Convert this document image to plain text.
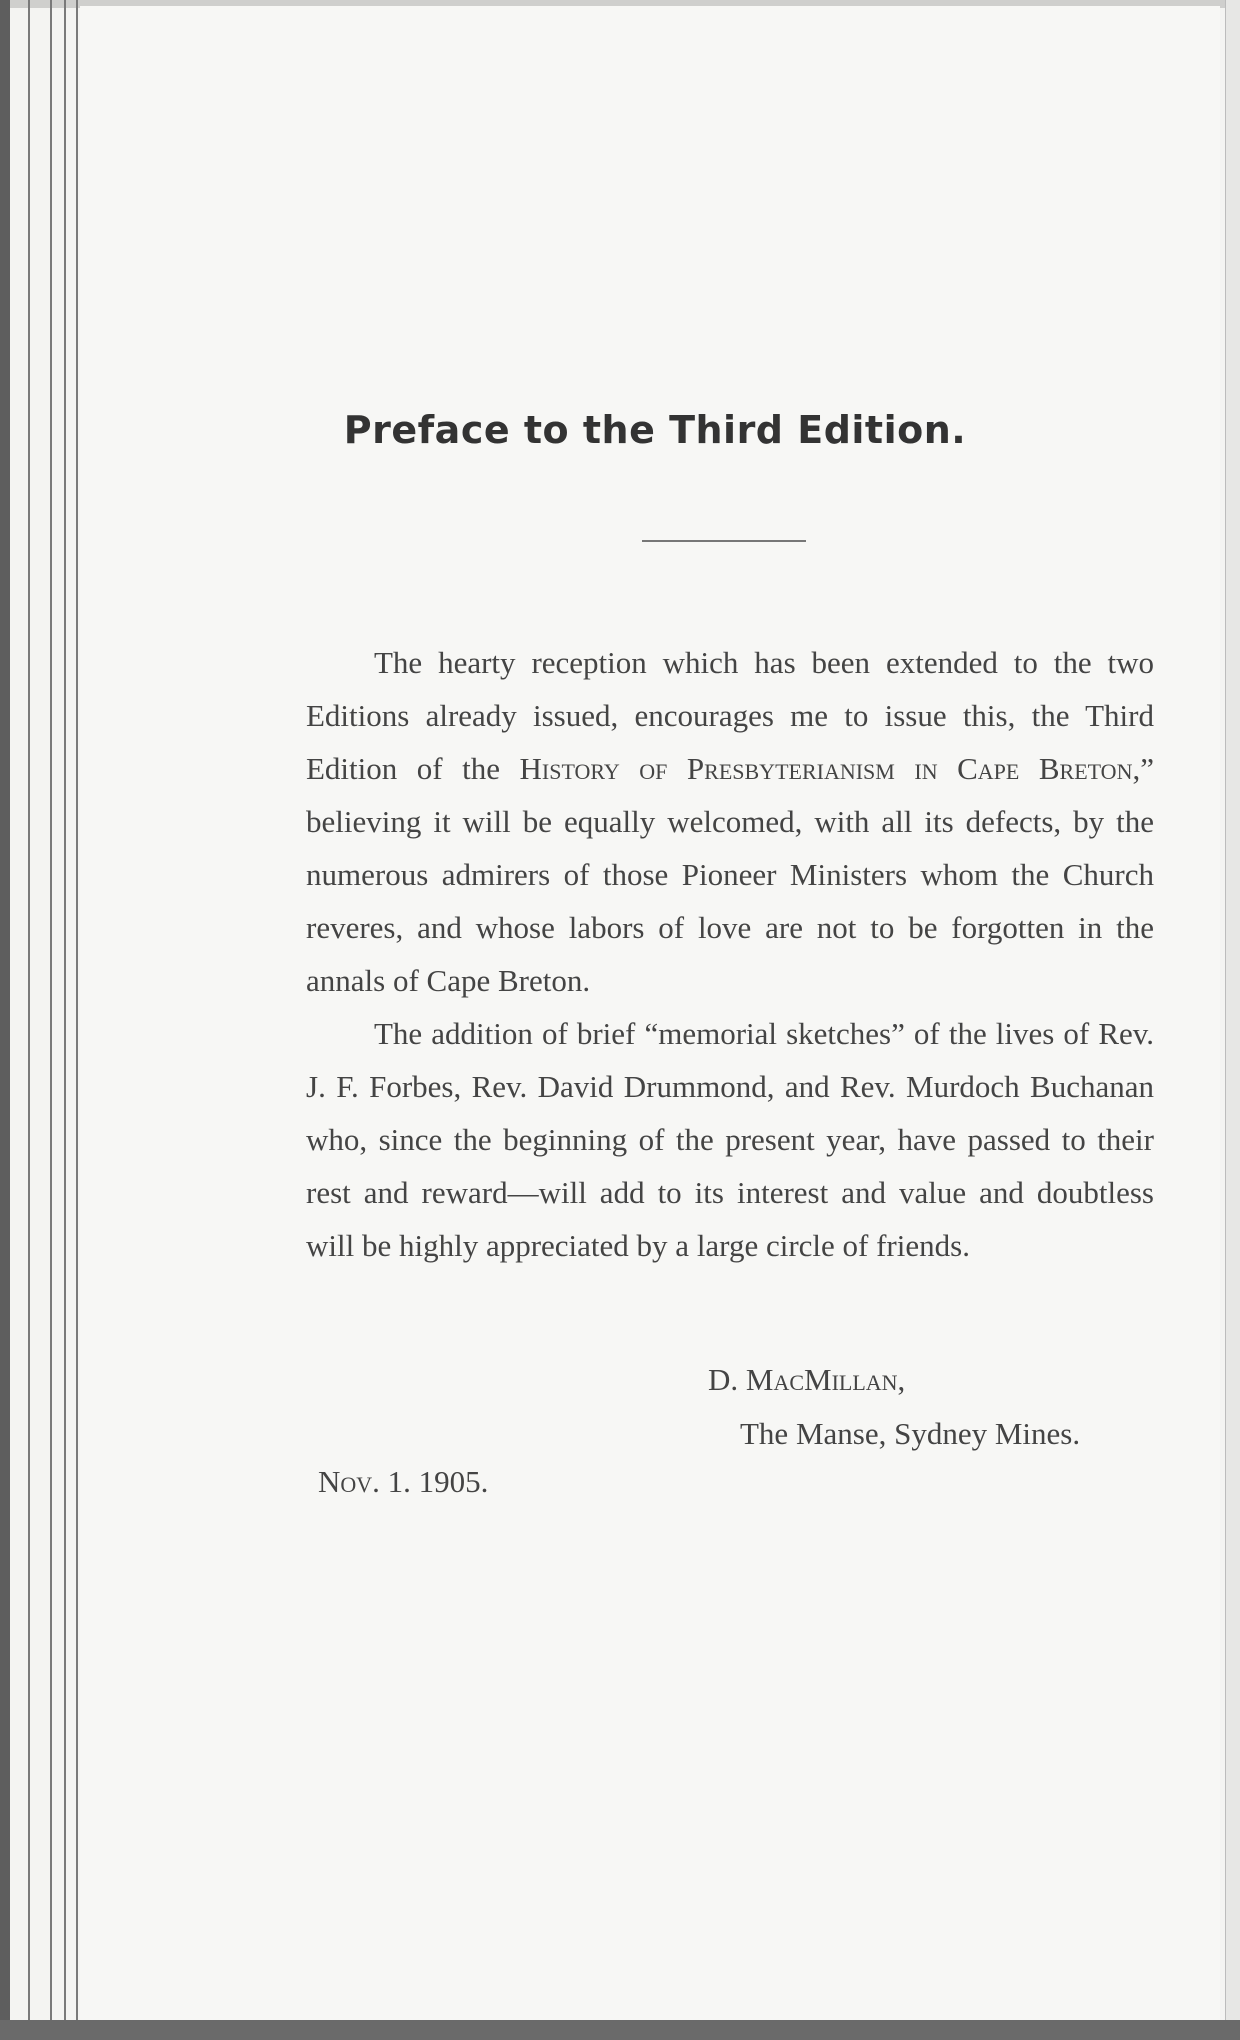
Preface to the Third Edition.

The hearty reception which has been extended to the two Editions already issued, encourages me to issue this, the Third Edition of the History of Presbyterianism in Cape Breton,” believing it will be equally welcomed, with all its defects, by the numerous admirers of those Pioneer Ministers whom the Church reveres, and whose labors of love are not to be forgotten in the annals of Cape Breton.

The addition of brief “memorial sketches” of the lives of Rev. J. F. Forbes, Rev. David Drummond, and Rev. Murdoch Buchanan who, since the beginning of the present year, have passed to their rest and reward—will add to its interest and value and doubtless will be highly appreciated by a large circle of friends.

D. MacMillan,
The Manse, Sydney Mines.
Nov. 1. 1905.
